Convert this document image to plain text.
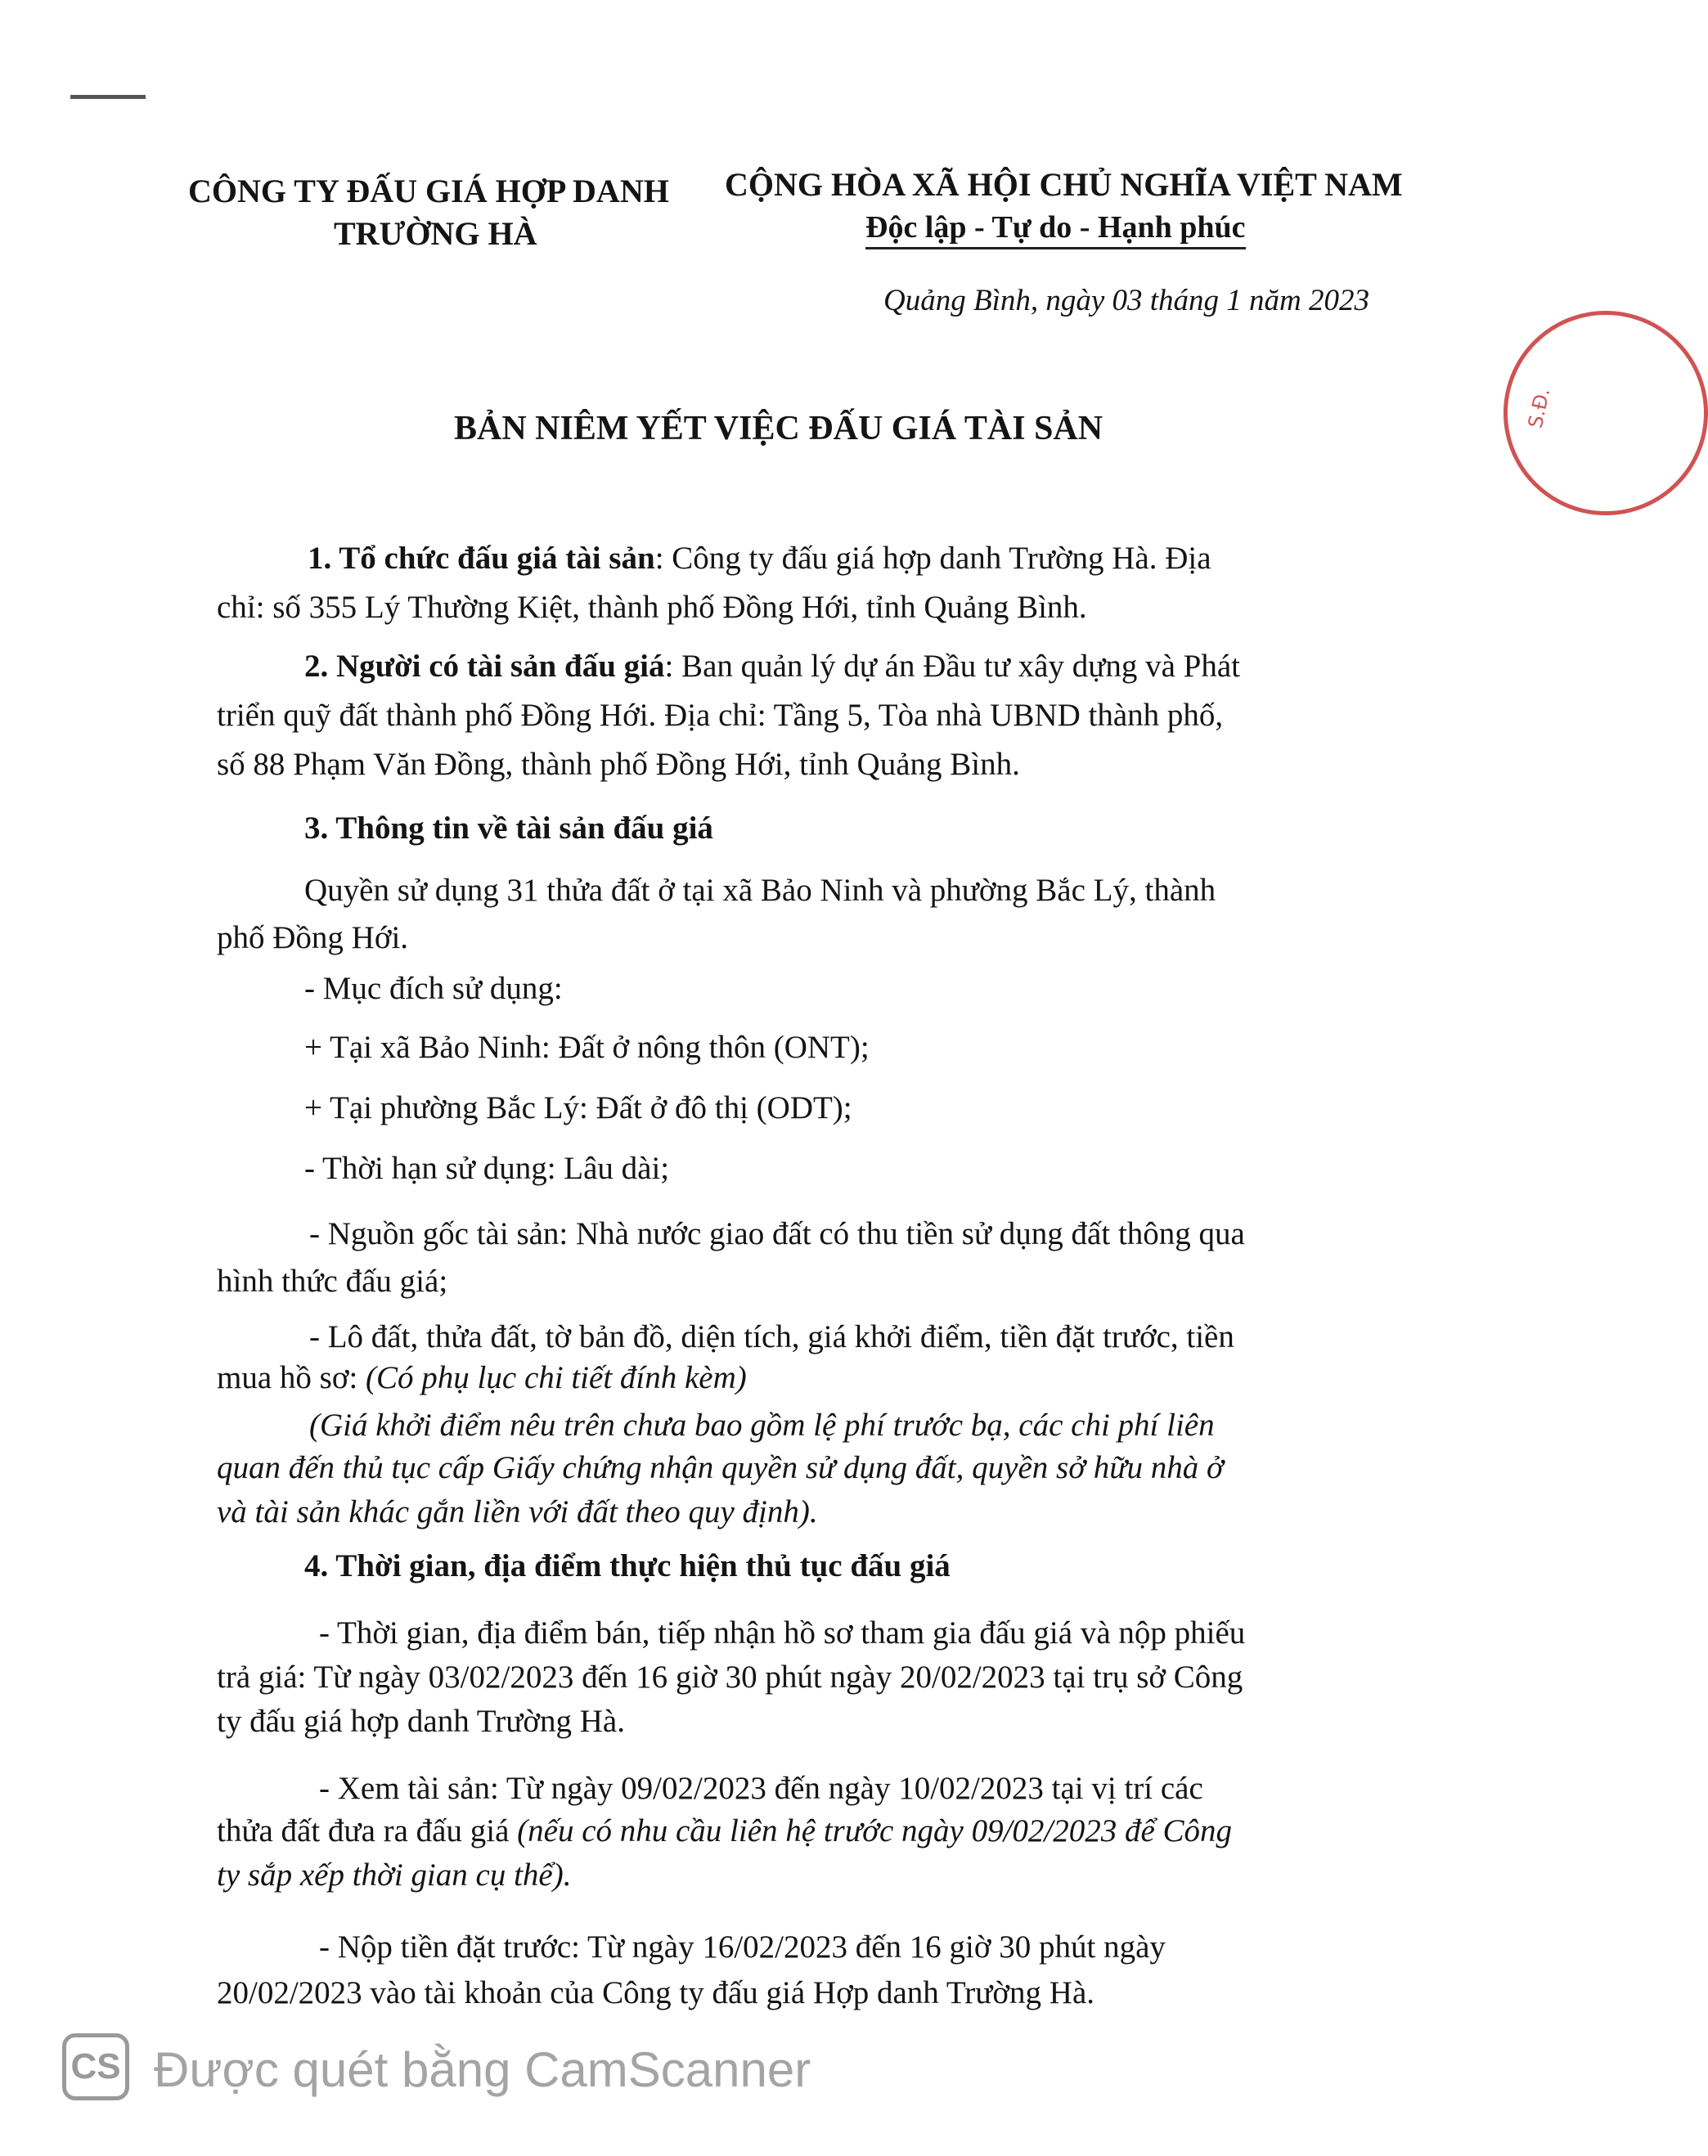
CÔNG TY ĐẤU GIÁ HỢP DANH
TRƯỜNG HÀ
CỘNG HÒA XÃ HỘI CHỦ NGHĨA VIỆT NAM
Độc lập - Tự do - Hạnh phúc
Quảng Bình, ngày 03 tháng 1 năm 2023
BẢN NIÊM YẾT VIỆC ĐẤU GIÁ TÀI SẢN
1. Tổ chức đấu giá tài sản: Công ty đấu giá hợp danh Trường Hà. Địa
chỉ: số 355 Lý Thường Kiệt, thành phố Đồng Hới, tỉnh Quảng Bình.
2. Người có tài sản đấu giá: Ban quản lý dự án Đầu tư xây dựng và Phát
triển quỹ đất thành phố Đồng Hới. Địa chỉ: Tầng 5, Tòa nhà UBND thành phố,
số 88 Phạm Văn Đồng, thành phố Đồng Hới, tỉnh Quảng Bình.
3. Thông tin về tài sản đấu giá
Quyền sử dụng 31 thửa đất ở tại xã Bảo Ninh và phường Bắc Lý, thành
phố Đồng Hới.
- Mục đích sử dụng:
+ Tại xã Bảo Ninh: Đất ở nông thôn (ONT);
+ Tại phường Bắc Lý: Đất ở đô thị (ODT);
- Thời hạn sử dụng: Lâu dài;
- Nguồn gốc tài sản: Nhà nước giao đất có thu tiền sử dụng đất thông qua
hình thức đấu giá;
- Lô đất, thửa đất, tờ bản đồ, diện tích, giá khởi điểm, tiền đặt trước, tiền
mua hồ sơ: (Có phụ lục chi tiết đính kèm)
(Giá khởi điểm nêu trên chưa bao gồm lệ phí trước bạ, các chi phí liên
quan đến thủ tục cấp Giấy chứng nhận quyền sử dụng đất, quyền sở hữu nhà ở
và tài sản khác gắn liền với đất theo quy định).
4. Thời gian, địa điểm thực hiện thủ tục đấu giá
- Thời gian, địa điểm bán, tiếp nhận hồ sơ tham gia đấu giá và nộp phiếu
trả giá: Từ ngày 03/02/2023 đến 16 giờ 30 phút ngày 20/02/2023 tại trụ sở Công
ty đấu giá hợp danh Trường Hà.
- Xem tài sản: Từ ngày 09/02/2023 đến ngày 10/02/2023 tại vị trí các
thửa đất đưa ra đấu giá (nếu có nhu cầu liên hệ trước ngày 09/02/2023 để Công
ty sắp xếp thời gian cụ thể).
- Nộp tiền đặt trước: Từ ngày 16/02/2023 đến 16 giờ 30 phút ngày
20/02/2023 vào tài khoản của Công ty đấu giá Hợp danh Trường Hà.
S.Đ.
CS Được quét bằng CamScanner
